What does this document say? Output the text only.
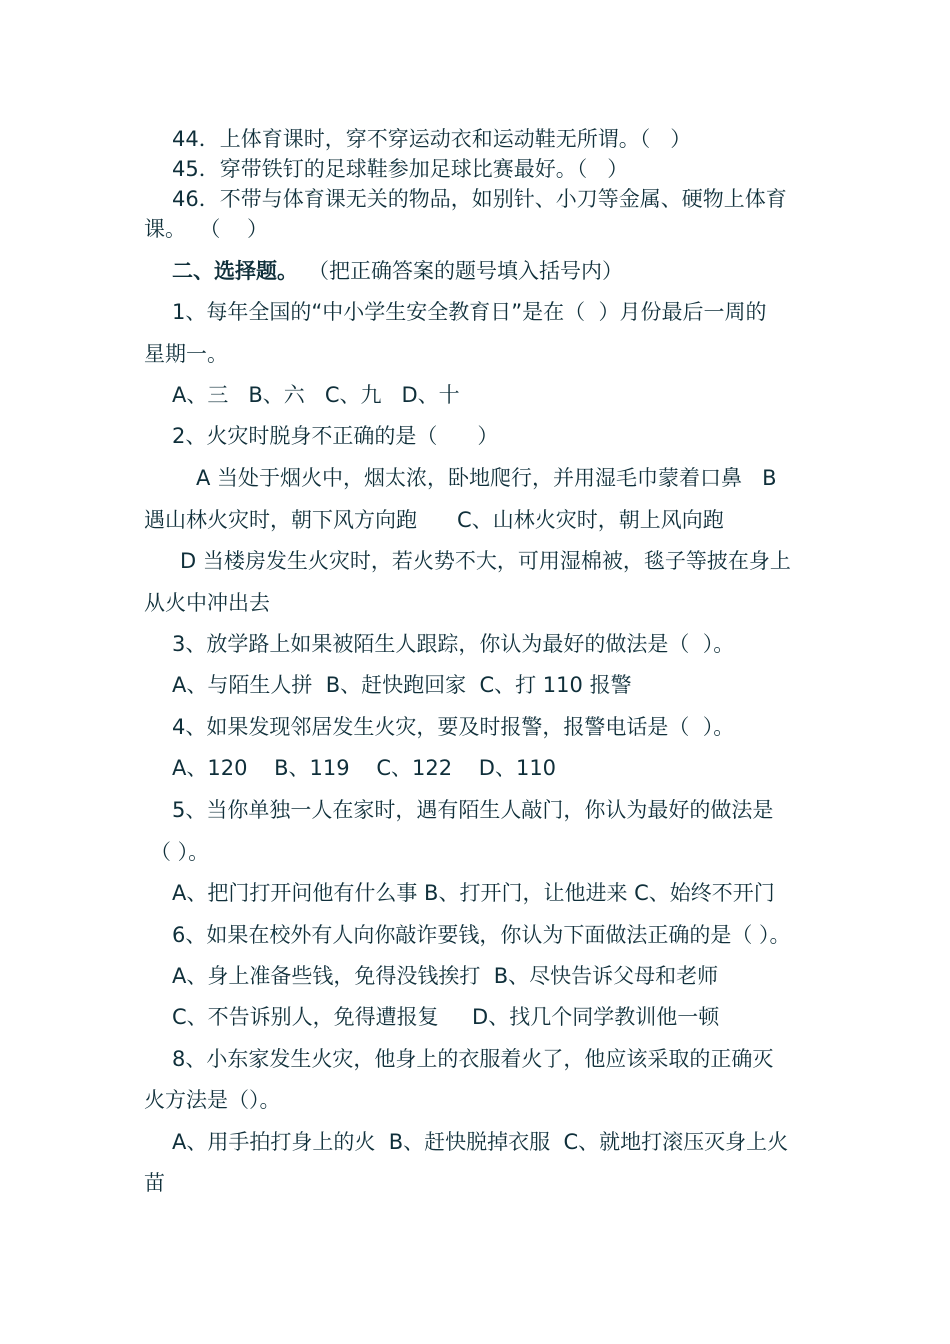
44．上体育课时，穿不穿运动衣和运动鞋无所谓。（   ）
45．穿带铁钉的足球鞋参加足球比赛最好。（   ）
46．不带与体育课无关的物品，如别针、小刀等金属、硬物上体育
课。  （    ）
二、选择题。 （把正确答案的题号填入括号内）
1、每年全国的“中小学生安全教育日”是在（  ）月份最后一周的
星期一。
A、三   B、六   C、九   D、十
2、火灾时脱身不正确的是（      ）
A 当处于烟火中，烟太浓，卧地爬行，并用湿毛巾蒙着口鼻   B
遇山林火灾时，朝下风方向跑      C、山林火灾时，朝上风向跑
D 当楼房发生火灾时，若火势不大，可用湿棉被，毯子等披在身上
从火中冲出去
3、放学路上如果被陌生人跟踪，你认为最好的做法是（  ）。
A、与陌生人拼  B、赶快跑回家  C、打 110 报警
4、如果发现邻居发生火灾，要及时报警，报警电话是（  ）。
A、120    B、119    C、122    D、110
5、当你单独一人在家时，遇有陌生人敲门，你认为最好的做法是
（ ）。
A、把门打开问他有什么事 B、打开门，让他进来 C、始终不开门
6、如果在校外有人向你敲诈要钱，你认为下面做法正确的是（ ）。
A、身上准备些钱，免得没钱挨打  B、尽快告诉父母和老师
C、不告诉别人，免得遭报复     D、找几个同学教训他一顿
8、小东家发生火灾，他身上的衣服着火了，他应该采取的正确灭
火方法是（）。
A、用手拍打身上的火  B、赶快脱掉衣服  C、就地打滚压灭身上火
苗
